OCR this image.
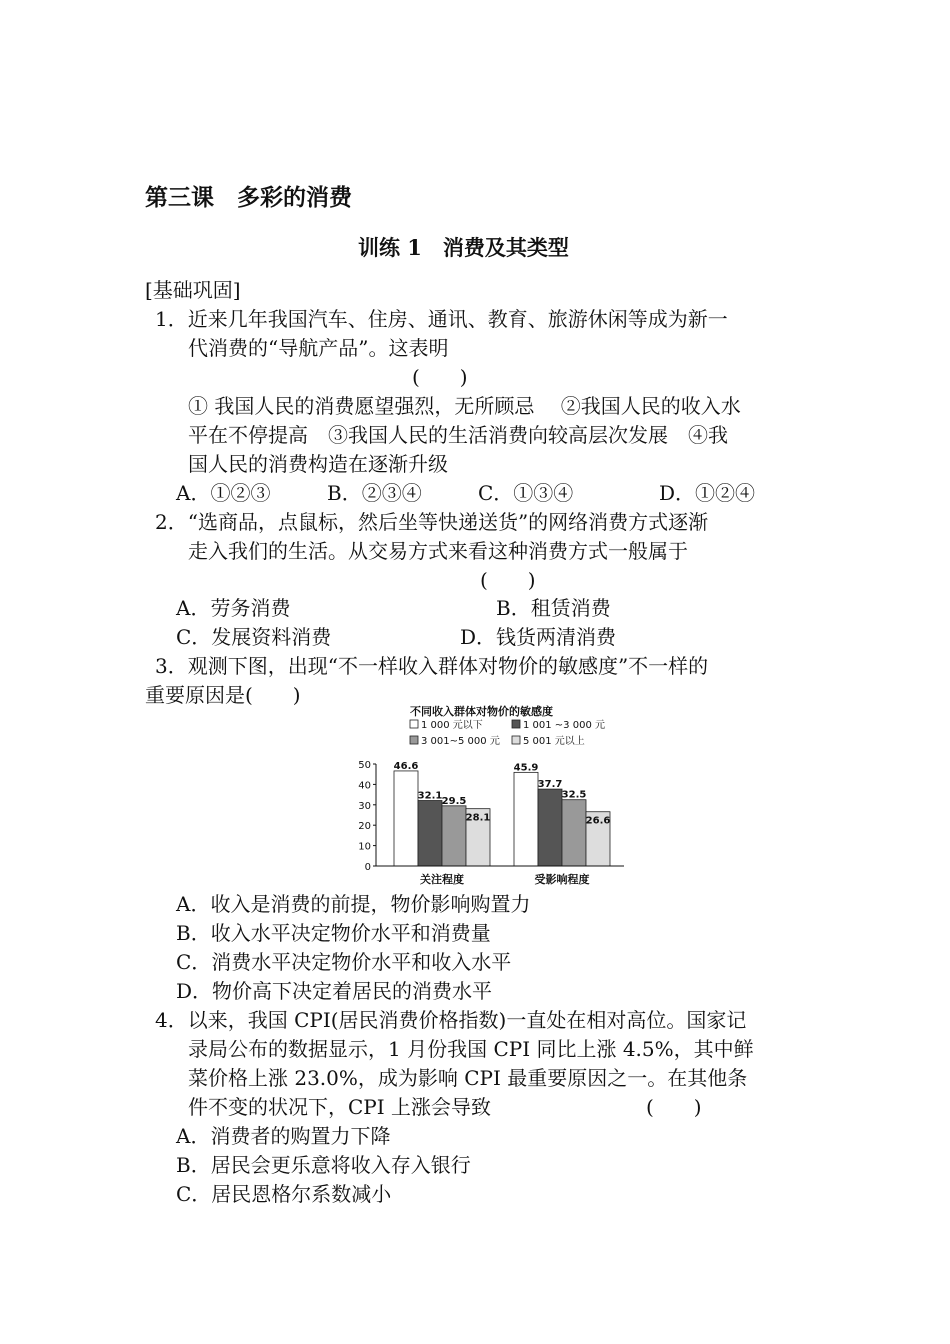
第三课　多彩的消费
训练 1　消费及其类型
[基础巩固]
1．近来几年我国汽车、住房、通讯、教育、旅游休闲等成为新一
代消费的“导航产品”。这表明
(　　)
① 我国人民的消费愿望强烈，无所顾忌　 ②我国人民的收入水
平在不停提高　③我国人民的生活消费向较高层次发展　④我
国人民的消费构造在逐渐升级
A．①②③	B．②③④	C．①③④	D．①②④
2．“选商品，点鼠标，然后坐等快递送货”的网络消费方式逐渐
走入我们的生活。从交易方式来看这种消费方式一般属于
(　　)
A．劳务消费	B．租赁消费
C．发展资料消费	D．钱货两清消费
3．观测下图，出现“不一样收入群体对物价的敏感度”不一样的
重要原因是(　　)
不同收入群体对物价的敏感度
1 000 元以下	1 001 ~3 000 元
3 001~5 000 元 5 001 元以上
50
40
30
20
10
0
46.6
32.1 29.5
28.1
45.9
37.7
32.5
26.6
关注程度	受影响程度
A．收入是消费的前提，物价影响购置力
B．收入水平决定物价水平和消费量
C．消费水平决定物价水平和收入水平
D．物价高下决定着居民的消费水平
4．以来，我国 CPI(居民消费价格指数)一直处在相对高位。国家记
录局公布的数据显示，1 月份我国 CPI 同比上涨 4.5%，其中鲜
菜价格上涨 23.0%，成为影响 CPI 最重要原因之一。在其他条
件不变的状况下，CPI 上涨会导致	(　　)
A．消费者的购置力下降
B．居民会更乐意将收入存入银行
C．居民恩格尔系数减小
